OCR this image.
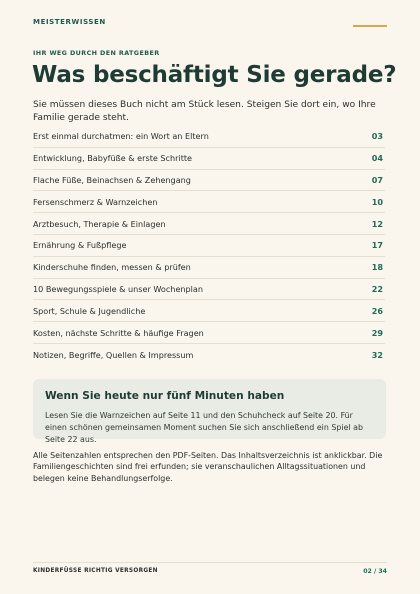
MEISTERWISSEN
IHR WEG DURCH DEN RATGEBER
Was beschäftigt Sie gerade?

Sie müssen dieses Buch nicht am Stück lesen. Steigen Sie dort ein, wo Ihre Familie gerade steht.

Erst einmal durchatmen: ein Wort an Eltern	03
Entwicklung, Babyfüße & erste Schritte	04
Flache Füße, Beinachsen & Zehengang	07
Fersenschmerz & Warnzeichen	10
Arztbesuch, Therapie & Einlagen	12
Ernährung & Fußpflege	17
Kinderschuhe finden, messen & prüfen	18
10 Bewegungsspiele & unser Wochenplan	22
Sport, Schule & Jugendliche	26
Kosten, nächste Schritte & häufige Fragen	29
Notizen, Begriffe, Quellen & Impressum	32
Wenn Sie heute nur fünf Minuten haben
Lesen Sie die Warnzeichen auf Seite 11 und den Schuhcheck auf Seite 20. Für einen schönen gemeinsamen Moment suchen Sie sich anschließend ein Spiel ab Seite 22 aus.

Alle Seitenzahlen entsprechen den PDF-Seiten. Das Inhaltsverzeichnis ist anklickbar. Die Familiengeschichten sind frei erfunden; sie veranschaulichen Alltagssituationen und belegen keine Behandlungserfolge.

KINDERFÜSSE RICHTIG VERSORGEN	02 / 34
